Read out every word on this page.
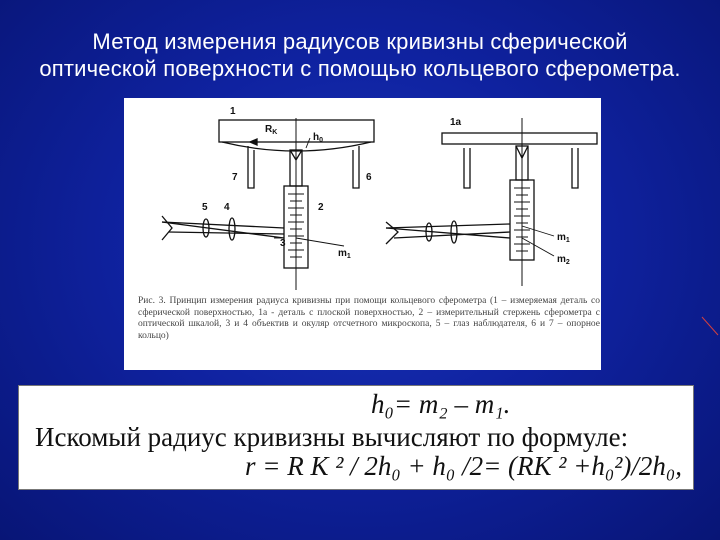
Метод измерения радиусов кривизны сферической
оптической поверхности с помощью кольцевого сферометра.
1
$R_K$	$h_0$
7	6
5 4	2
3
$m_1$
1a
$m_1$
$m_2$
Рис. 3. Принцип измерения радиуса кривизны при помощи кольцевого сферометра (1 – измеряемая деталь со сферической поверхностью, 1а - деталь с плоской поверхностью, 2 – измерительный стержень сферометра с оптической шкалой, 3 и 4 объектив и окуляр отсчетного микроскопа, 5 – глаз наблюдателя, 6 и 7 – опорное кольцо)
h₀= m₂ – m₁.
Искомый радиус кривизны вычисляют по формуле:
r = R K ² / 2h₀ + h₀ /2= (RK ² +h₀²)/2h₀,
